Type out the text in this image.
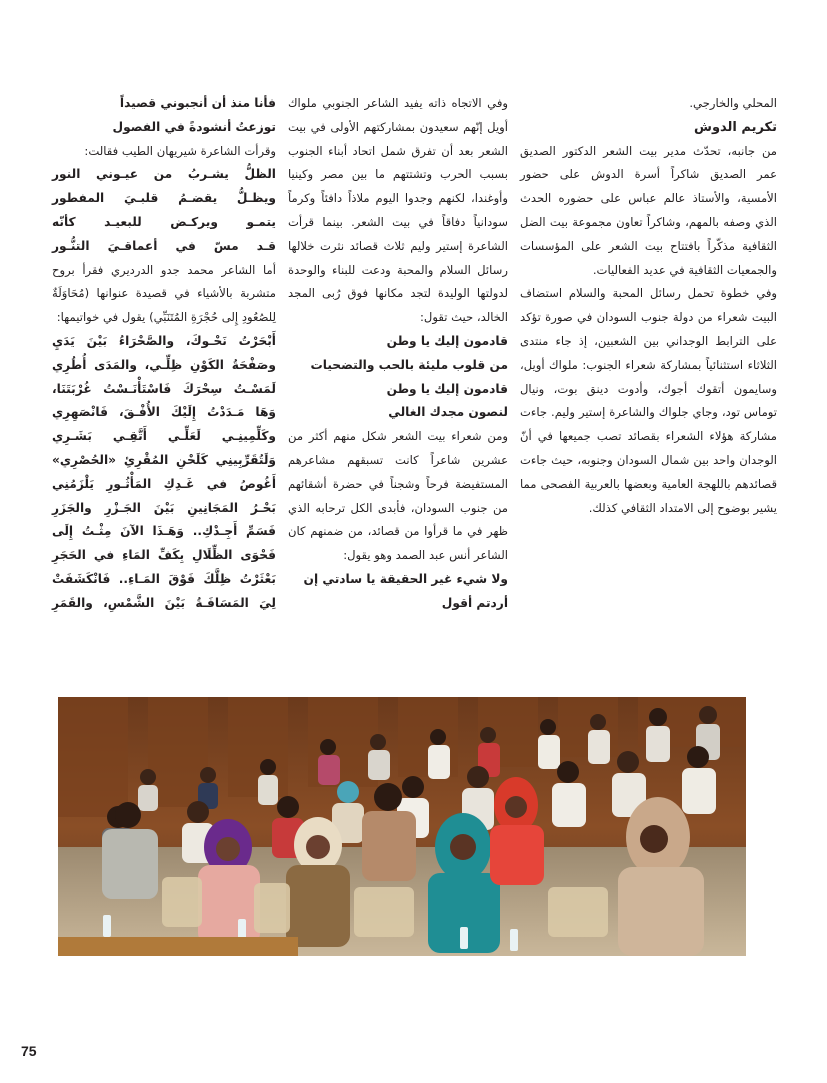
المحلي والخارجي.

تكريم الدوش

من جانبه، تحدّث مدير بيت الشعر الدكتور الصديق عمر الصديق شاكراً أسرة الدوش على حضور الأمسية، والأستاذ عالم عباس على حضوره الحدث الذي وصفه بالمهم، وشاكراً تعاون مجموعة بيت الضل الثقافية مذكّراً بافتتاح بيت الشعر على المؤسسات والجمعيات الثقافية في عديد الفعاليات.

وفي خطوة تحمل رسائل المحبة والسلام استضاف البيت شعراء من دولة جنوب السودان في صورة تؤكد على الترابط الوجداني بين الشعبين، إذ جاء منتدى الثلاثاء استثنائياً بمشاركة شعراء الجنوب: ملواك أويل، وسايمون أتقوك أجوك، وأدوت دينق بوت، ونيال توماس تود، وجاي جلواك والشاعرة إستير وليم. جاءت مشاركة هؤلاء الشعراء بقصائد تصب جميعها في أنّ الوجدان واحد بين شمال السودان وجنوبه، حيث جاءت قصائدهم باللهجة العامية وبعضها بالعربية الفصحى مما يشير بوضوح إلى الامتداد الثقافي كذلك.

وفي الاتجاه ذاته يفيد الشاعر الجنوبي ملواك أويل إنّهم سعيدون بمشاركتهم الأولى في بيت الشعر بعد أن تفرق شمل اتحاد أبناء الجنوب بسبب الحرب وتشتتهم ما بين مصر وكينيا وأوغندا، لكنهم وجدوا اليوم ملاذاً دافئاً وكرماً سودانياً دفاقاً في بيت الشعر. بينما قرأت الشاعرة إستير وليم ثلاث قصائد نثرت خلالها رسائل السلام والمحبة ودعت للبناء والوحدة لدولتها الوليدة لتجد مكانها فوق رُبى المجد الخالد، حيث تقول:

قادمون إليك يا وطن

من قلوب مليئة بالحب والتضحيات

قادمون إليك يا وطن

لنصون مجدك الغالي

ومن شعراء بيت الشعر شكل منهم أكثر من عشرين شاعراً كانت تسبقهم مشاعرهم المستفيضة فرحاً وشجناً في حضرة أشقائهم من جنوب السودان، فأبدى الكل ترحابه الذي ظهر في ما قرأوا من قصائد، من ضمنهم كان الشاعر أنس عبد الصمد وهو يقول:

ولا شيء غير الحقيقة يا سادتي إن

أردتم أقول

فأنا منذ أن أنجبوني قصيداً

توزعتُ أنشودةً في الفصول

وقرأت الشاعرة شيريهان الطيب فقالت:

الظلُّ يشـربُ من عيـوني النور

ويظـلُّ يقضـمُ قلبـيَ المفطور

يتمـو ويركـض للبعيـد كأنّه

قـد مسّ في أعماقـيَ التنُّـور

أما الشاعر محمد جدو الدرديري فقرأ بروح متشربة بالأشياء في قصيدة عنوانها (مُحَاوَلَةٌ لِلصُعُودِ إِلى حُجْرَةِ المُتَنَبِّي) يقول في خواتيمها:

أَبْحَرْتُ نَحْـوكَ، والصَّحْرَاءُ بَيْنَ يَدَيِ

وصَفْحَةُ الكَوْنِ ظِلِّـي، والمَدَى أُطُرِي

لَمَسْـتُ سِحْرَكَ فَاسْتَأْنَـسْتُ غُرْبَتَنَا،

وَهَا مَـدَدْتُ إِلَيْكَ الأُفْـقَ، فَانْصَهِرِي

وكَلِّمِينِـي لَعَلِّـي أَتَّقِـي بَشَـرِي

وَلَتُقَرِّبِينِي كَلَحْنِ المُقْرِئِ «الحُصْرِي»

أَغُوصُ في غَـدِكِ المَأْثُـورِ يَلْزَمُنِي

بَحْـرُ المَجَانِينِ بَيْنَ الجَـزْرِ والجَزَرِ

فَسَمِّ أَجِـدْكِ.. وَهَـذَا الآنَ مِثْـتُ إِلَى

فَحْوَى الظِّلَالِ بِكَفِّ المَاءِ في الحَجَرِ

بَعْثَرْتُ ظِلَّكَ فَوْقَ المَـاءِ.. فَانْكَشَفَتْ

لِيَ المَسَافَـةُ بَيْنَ الشَّمْسِ، والقَمَرِ

75
